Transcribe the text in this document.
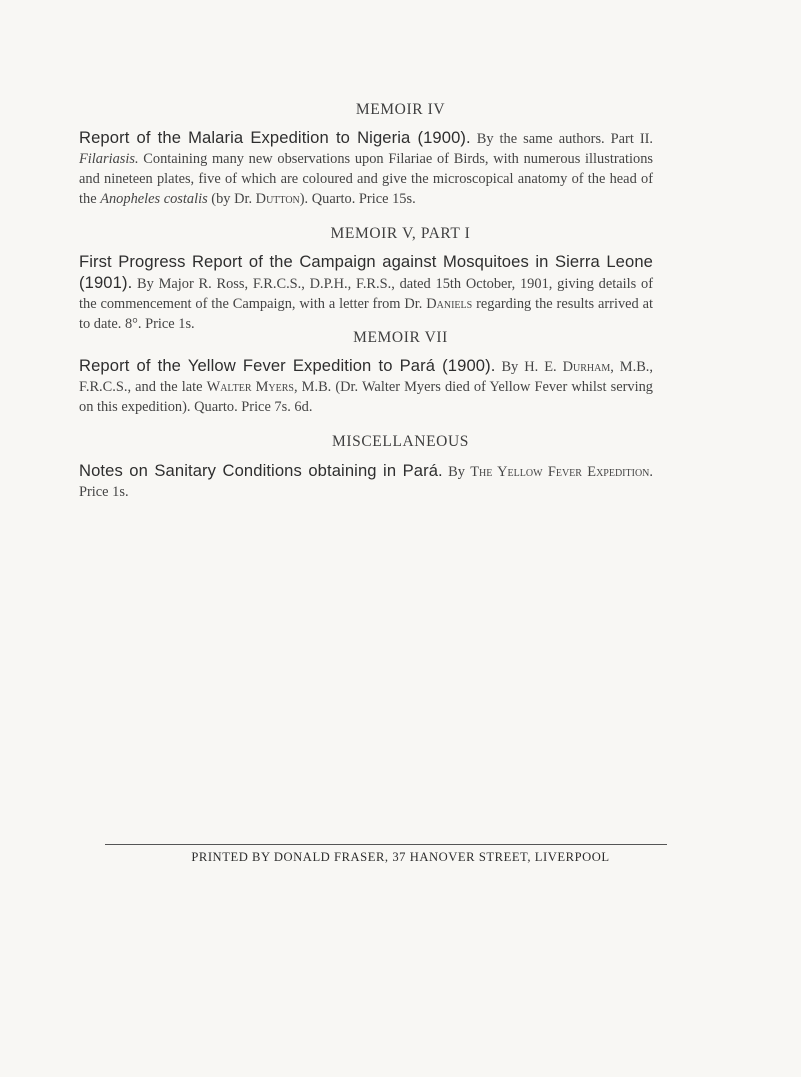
MEMOIR IV
Report of the Malaria Expedition to Nigeria (1900). By the same authors. Part II. Filariasis. Containing many new observations upon Filariae of Birds, with numerous illustrations and nineteen plates, five of which are coloured and give the microscopical anatomy of the head of the Anopheles costalis (by Dr. Dutton). Quarto. Price 15s.
MEMOIR V, PART I
First Progress Report of the Campaign against Mosquitoes in Sierra Leone (1901). By Major R. Ross, F.R.C.S., D.P.H., F.R.S., dated 15th October, 1901, giving details of the commencement of the Campaign, with a letter from Dr. Daniels regarding the results arrived at to date. 8°. Price 1s.
MEMOIR VII
Report of the Yellow Fever Expedition to Pará (1900). By H. E. Durham, M.B., F.R.C.S., and the late Walter Myers, M.B. (Dr. Walter Myers died of Yellow Fever whilst serving on this expedition). Quarto. Price 7s. 6d.
MISCELLANEOUS
Notes on Sanitary Conditions obtaining in Pará. By The Yellow Fever Expedition. Price 1s.
PRINTED BY DONALD FRASER, 37 HANOVER STREET, LIVERPOOL
